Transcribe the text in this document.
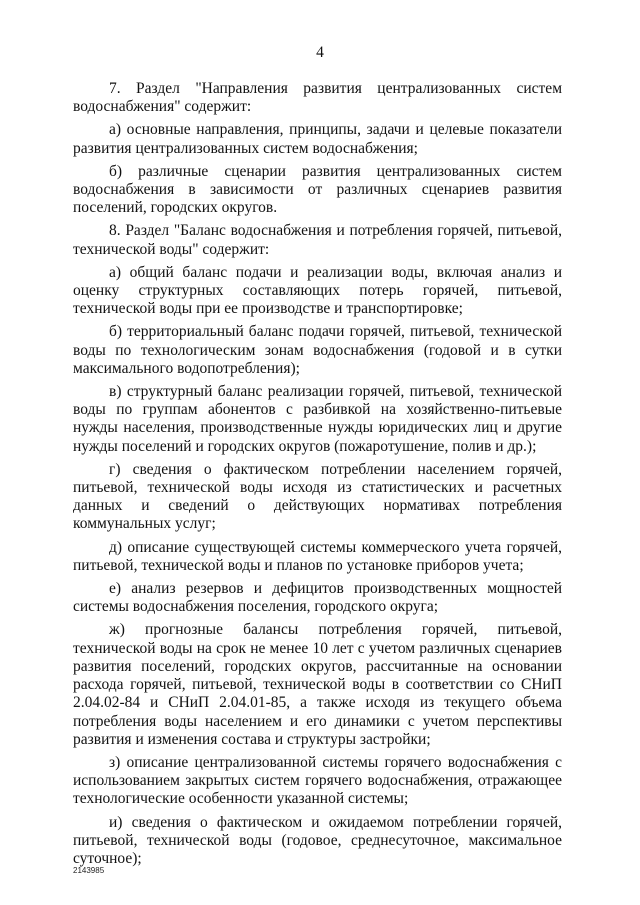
4

7. Раздел "Направления развития централизованных систем водоснабжения" содержит:

а) основные направления, принципы, задачи и целевые показатели развития централизованных систем водоснабжения;

б) различные сценарии развития централизованных систем водоснабжения в зависимости от различных сценариев развития поселений, городских округов.

8. Раздел "Баланс водоснабжения и потребления горячей, питьевой, технической воды" содержит:

а) общий баланс подачи и реализации воды, включая анализ и оценку структурных составляющих потерь горячей, питьевой, технической воды при ее производстве и транспортировке;

б) территориальный баланс подачи горячей, питьевой, технической воды по технологическим зонам водоснабжения (годовой и в сутки максимального водопотребления);

в) структурный баланс реализации горячей, питьевой, технической воды по группам абонентов с разбивкой на хозяйственно-питьевые нужды населения, производственные нужды юридических лиц и другие нужды поселений и городских округов (пожаротушение, полив и др.);

г) сведения о фактическом потреблении населением горячей, питьевой, технической воды исходя из статистических и расчетных данных и сведений о действующих нормативах потребления коммунальных услуг;

д) описание существующей системы коммерческого учета горячей, питьевой, технической воды и планов по установке приборов учета;

е) анализ резервов и дефицитов производственных мощностей системы водоснабжения поселения, городского округа;

ж) прогнозные балансы потребления горячей, питьевой, технической воды на срок не менее 10 лет с учетом различных сценариев развития поселений, городских округов, рассчитанные на основании расхода горячей, питьевой, технической воды в соответствии со СНиП 2.04.02-84 и СНиП 2.04.01-85, а также исходя из текущего объема потребления воды населением и его динамики с учетом перспективы развития и изменения состава и структуры застройки;

з) описание централизованной системы горячего водоснабжения с использованием закрытых систем горячего водоснабжения, отражающее технологические особенности указанной системы;

и) сведения о фактическом и ожидаемом потреблении горячей, питьевой, технической воды (годовое, среднесуточное, максимальное суточное);

2143985
